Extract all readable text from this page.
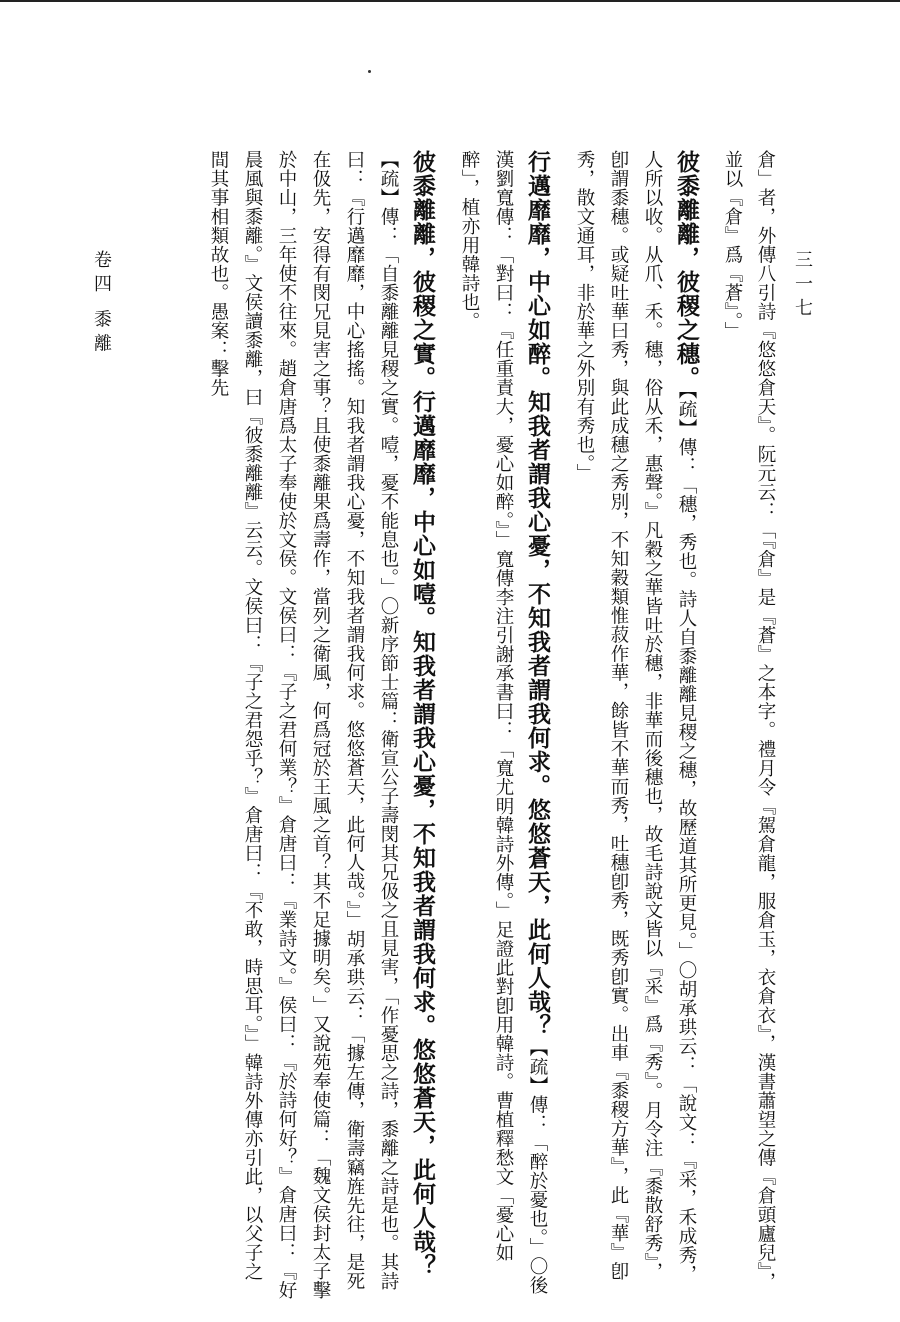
三一七
卷四 黍離	倉」者，外傳八引詩『悠悠倉天』。阮元云：「『倉』是『蒼』之本字。禮月令『駕倉龍，服倉玉，衣倉衣』，漢書蕭望之傳『倉頭廬兒』，並以『倉』爲『蒼』。」

彼黍離離，彼稷之穗。【疏】傳：「穗，秀也。詩人自黍離離見稷之穗，故歷道其所更見。」〇胡承珙云：「說文：『采，禾成秀，人所以收。从爪、禾。穗，俗从禾，惠聲。』凡穀之華皆吐於穗，非華而後穗也，故毛詩說文皆以『采』爲『秀』。月令注『黍散舒秀』，卽謂黍穗。或疑吐華曰秀，與此成穗之秀別，不知穀類惟菽作華，餘皆不華而秀，吐穗卽秀，既秀卽實。出車『黍稷方華』，此『華』卽秀，散文通耳，非於華之外別有秀也。」

行邁靡靡，中心如醉。知我者謂我心憂，不知我者謂我何求。悠悠蒼天，此何人哉？【疏】傳：「醉於憂也。」〇後漢劉寬傳：「對曰：『任重責大，憂心如醉。』」寬傳李注引謝承書曰：「寬尤明韓詩外傳。」足證此對卽用韓詩。曹植釋愁文「憂心如醉」，植亦用韓詩也。

彼黍離離，彼稷之實。行邁靡靡，中心如噎。知我者謂我心憂，不知我者謂我何求。悠悠蒼天，此何人哉？【疏】傳：「自黍離離見稷之實。噎，憂不能息也。」〇新序節士篇：衛宣公子壽閔其兄伋之且見害，「作憂思之詩，黍離之詩是也。其詩曰：『行邁靡靡，中心搖搖。知我者謂我心憂，不知我者謂我何求。悠悠蒼天，此何人哉。』」胡承珙云：「據左傳，衛壽竊旌先往，是死在伋先，安得有閔兄見害之事？且使黍離果爲壽作，當列之衛風，何爲冠於王風之首？其不足據明矣。」又說苑奉使篇：「魏文侯封太子擊於中山，三年使不往來。趙倉唐爲太子奉使於文侯。文侯曰：『子之君何業？』倉唐曰：『業詩文。』侯曰：『於詩何好？』倉唐曰：『好晨風與黍離。』文侯讀黍離，曰『彼黍離離』云云。文侯曰：『子之君怨乎？』倉唐曰：『不敢，時思耳。』」韓詩外傳亦引此，以父子之間其事相類故也。愚案：擊先
